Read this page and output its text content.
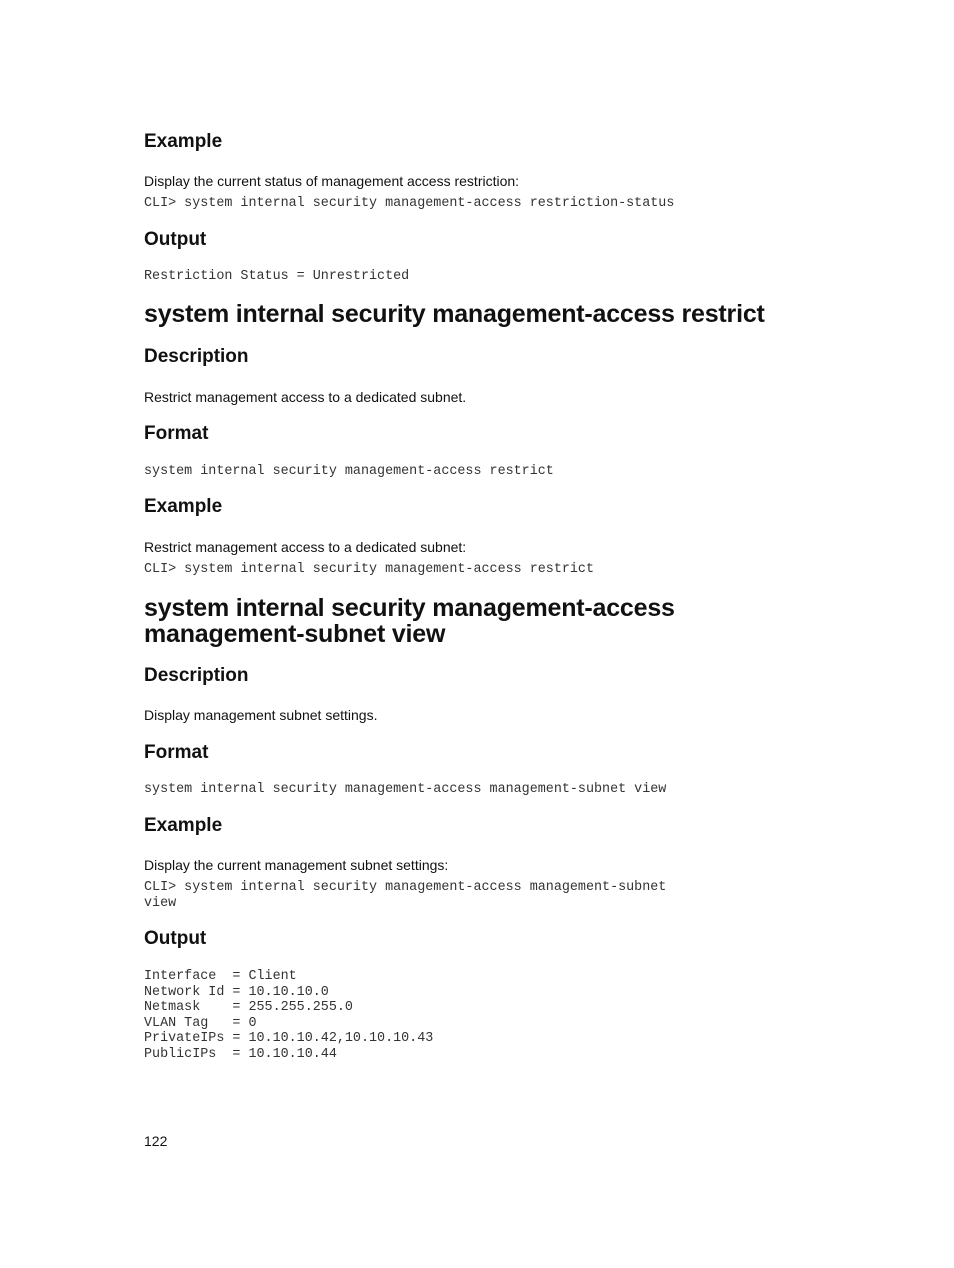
Example
Display the current status of management access restriction:
CLI> system internal security management-access restriction-status
Output
Restriction Status = Unrestricted
system internal security management-access restrict
Description
Restrict management access to a dedicated subnet.
Format
system internal security management-access restrict
Example
Restrict management access to a dedicated subnet:
CLI> system internal security management-access restrict
system internal security management-access
management-subnet view
Description
Display management subnet settings.
Format
system internal security management-access management-subnet view
Example
Display the current management subnet settings:
CLI> system internal security management-access management-subnet
view
Output
Interface  = Client
Network Id = 10.10.10.0
Netmask    = 255.255.255.0
VLAN Tag   = 0
PrivateIPs = 10.10.10.42,10.10.10.43
PublicIPs  = 10.10.10.44
122
